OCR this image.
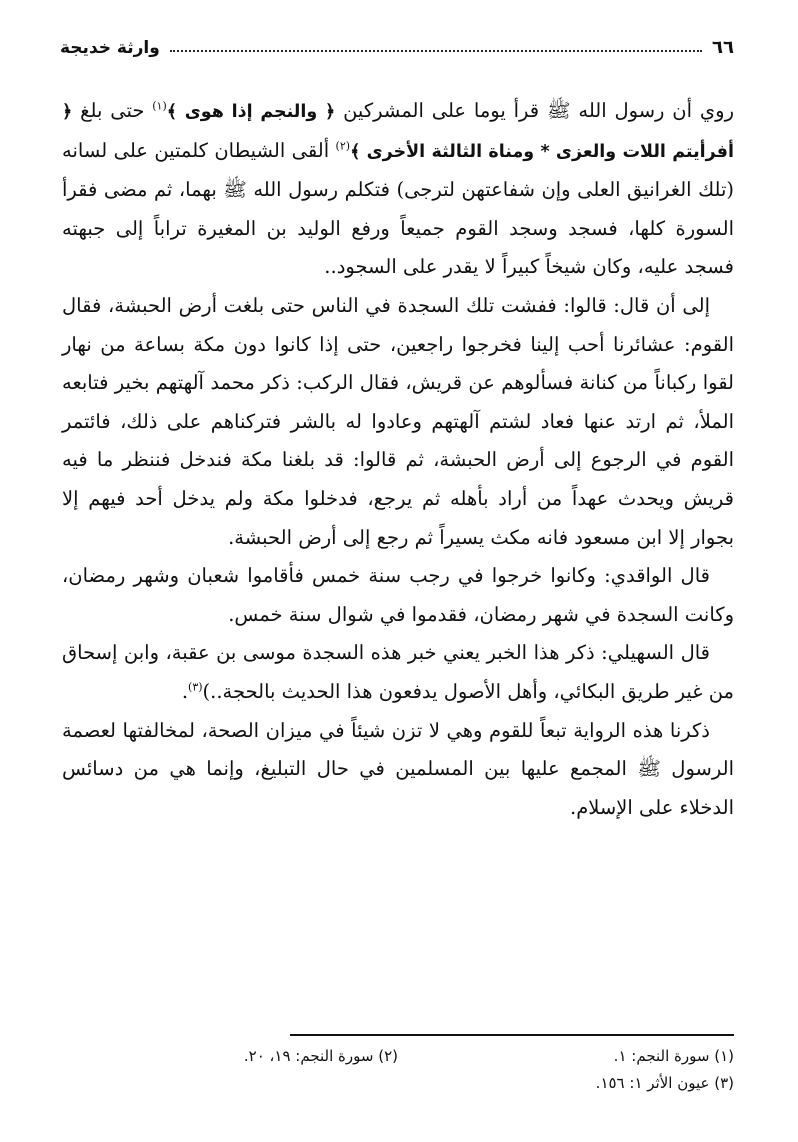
٦٦
وارثة خديجة

روي أن رسول الله ﷺ قرأ يوما على المشركين ﴿ والنجم إذا هوى ﴾$^{(١)}$ حتى بلغ ﴿ أفرأيتم اللات والعزى * ومناة الثالثة الأخرى ﴾$^{(٢)}$ ألقى الشيطان كلمتين على لسانه (تلك الغرانيق العلى وإن شفاعتهن لترجى) فتكلم رسول الله ﷺ بهما، ثم مضى فقرأ السورة كلها، فسجد وسجد القوم جميعاً ورفع الوليد بن المغيرة تراباً إلى جبهته فسجد عليه، وكان شيخاً كبيراً لا يقدر على السجود..

إلى أن قال: قالوا: ففشت تلك السجدة في الناس حتى بلغت أرض الحبشة، فقال القوم: عشائرنا أحب إلينا فخرجوا راجعين، حتى إذا كانوا دون مكة بساعة من نهار لقوا ركباناً من كنانة فسألوهم عن قريش، فقال الركب: ذكر محمد آلهتهم بخير فتابعه الملأ، ثم ارتد عنها فعاد لشتم آلهتهم وعادوا له بالشر فتركناهم على ذلك، فائتمر القوم في الرجوع إلى أرض الحبشة، ثم قالوا: قد بلغنا مكة فندخل فننظر ما فيه قريش ويحدث عهداً من أراد بأهله ثم يرجع، فدخلوا مكة ولم يدخل أحد فيهم إلا بجوار إلا ابن مسعود فانه مكث يسيراً ثم رجع إلى أرض الحبشة.

قال الواقدي: وكانوا خرجوا في رجب سنة خمس فأقاموا شعبان وشهر رمضان، وكانت السجدة في شهر رمضان، فقدموا في شوال سنة خمس.

قال السهيلي: ذكر هذا الخبر يعني خبر هذه السجدة موسى بن عقبة، وابن إسحاق من غير طريق البكائي، وأهل الأصول يدفعون هذا الحديث بالحجة..)$^{(٣)}$.

ذكرنا هذه الرواية تبعاً للقوم وهي لا تزن شيئاً في ميزان الصحة، لمخالفتها لعصمة الرسول ﷺ المجمع عليها بين المسلمين في حال التبليغ، وإنما هي من دسائس الدخلاء على الإسلام.

(١) سورة النجم: ١.
(٢) سورة النجم: ١٩، ٢٠.
(٣) عيون الأثر ١: ١٥٦.
